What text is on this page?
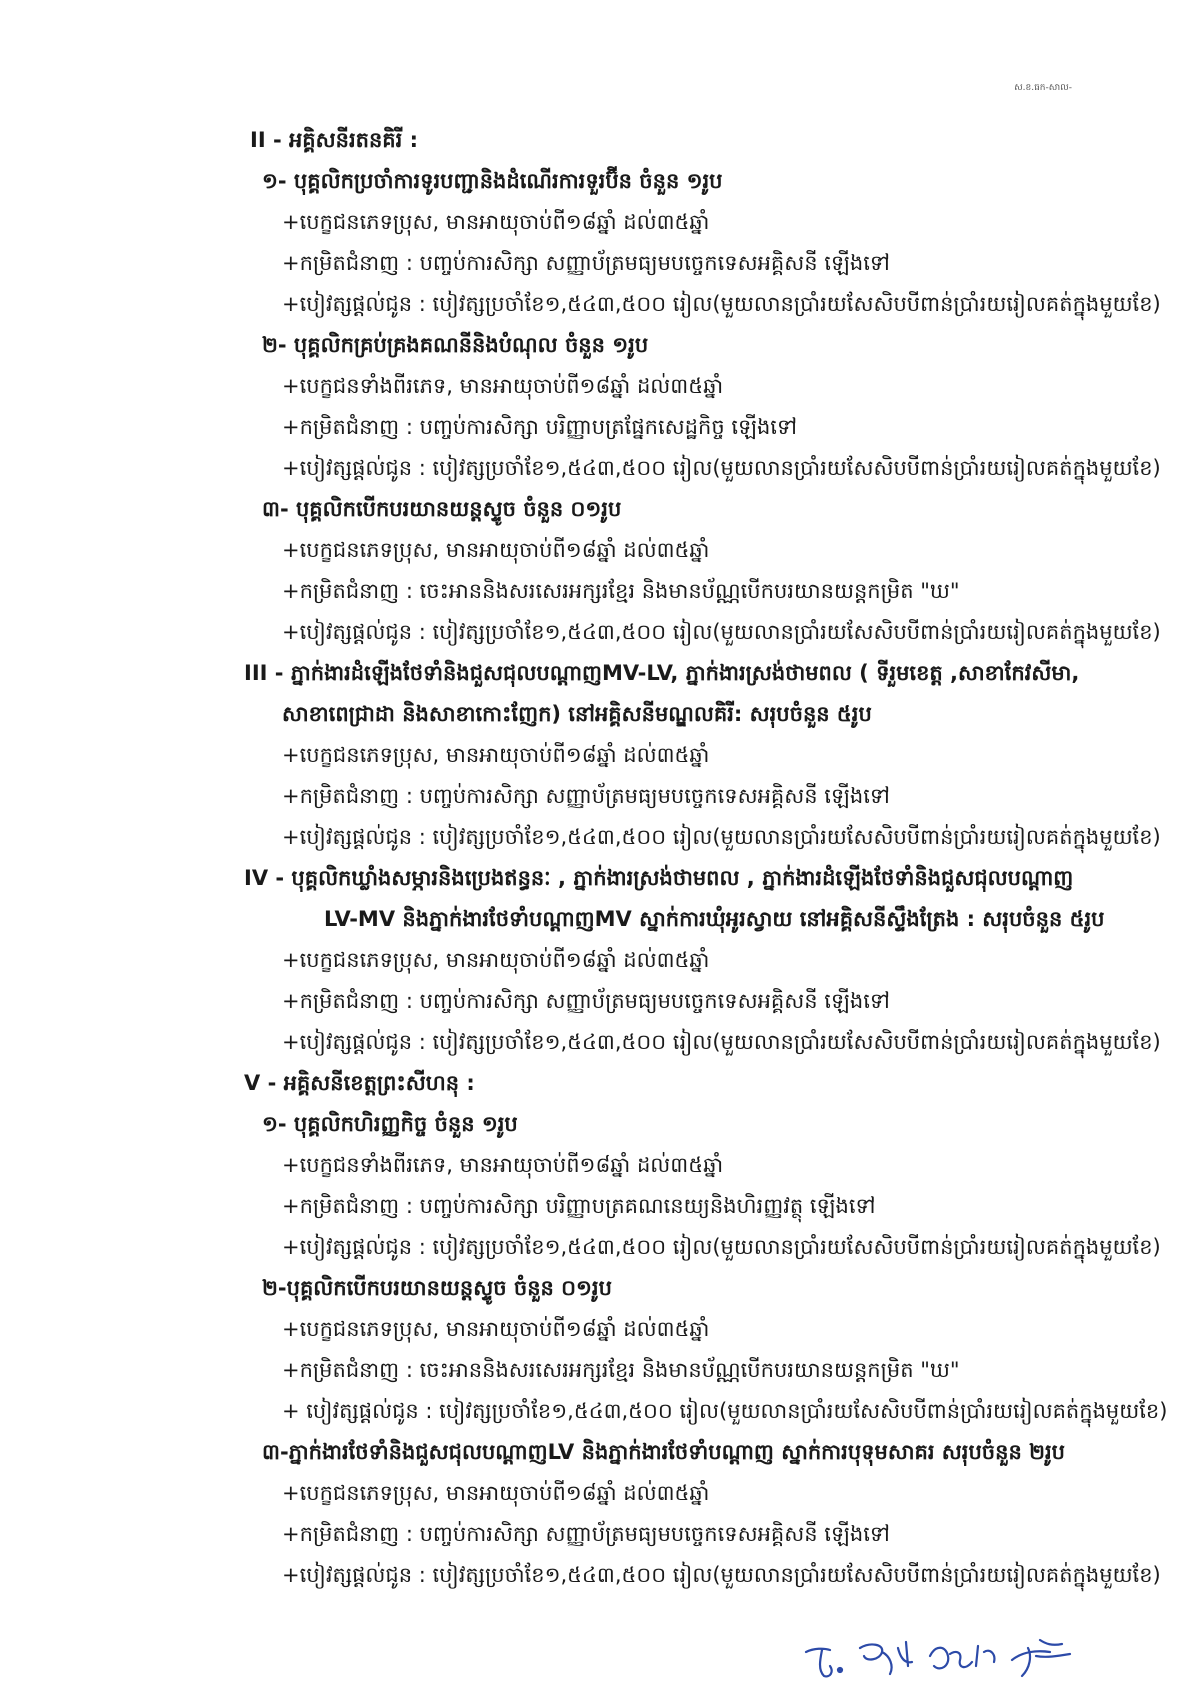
ស.ខ.ធក-សាល-
II - អគ្គិសនីរតនគិរី :
១- បុគ្គលិកប្រចាំការទូរបញ្ជានិងដំណើរការទួរប៊ីន ចំនួន ១រូប
+បេក្ខជនភេទប្រុស, មានអាយុចាប់ពី១៨ឆ្នាំ ដល់៣៥ឆ្នាំ
+កម្រិតជំនាញ : បញ្ចប់ការសិក្សា សញ្ញាប័ត្រមធ្យមបច្ចេកទេសអគ្គិសនី ឡើងទៅ
+បៀវត្សផ្តល់ជូន : បៀវត្សប្រចាំខែ១,៥៤៣,៥០០ រៀល(មួយលានប្រាំរយសែសិបបីពាន់ប្រាំរយរៀលគត់ក្នុងមួយខែ)
២- បុគ្គលិកគ្រប់គ្រងគណនីនិងបំណុល ចំនួន ១រូប
+បេក្ខជនទាំងពីរភេទ, មានអាយុចាប់ពី១៨ឆ្នាំ ដល់៣៥ឆ្នាំ
+កម្រិតជំនាញ : បញ្ចប់ការសិក្សា បរិញ្ញាបត្រផ្នែកសេដ្ឋកិច្ច ឡើងទៅ
+បៀវត្សផ្តល់ជូន : បៀវត្សប្រចាំខែ១,៥៤៣,៥០០ រៀល(មួយលានប្រាំរយសែសិបបីពាន់ប្រាំរយរៀលគត់ក្នុងមួយខែ)
៣- បុគ្គលិកបើកបរយានយន្តស្ទូច ចំនួន ០១រូប
+បេក្ខជនភេទប្រុស, មានអាយុចាប់ពី១៨ឆ្នាំ ដល់៣៥ឆ្នាំ
+កម្រិតជំនាញ : ចេះអាននិងសរសេរអក្សរខ្មែរ និងមានប័ណ្ណបើកបរយានយន្តកម្រិត "ឃ"
+បៀវត្សផ្តល់ជូន : បៀវត្សប្រចាំខែ១,៥៤៣,៥០០ រៀល(មួយលានប្រាំរយសែសិបបីពាន់ប្រាំរយរៀលគត់ក្នុងមួយខែ)
III - ភ្នាក់ងារដំឡើងថែទាំនិងជួសជុលបណ្តាញMV-LV, ភ្នាក់ងារស្រង់ថាមពល ( ទីរួមខេត្ត ,សាខាកែវសីមា,
សាខាពេជ្រាដា និងសាខាកោះញែក) នៅអគ្គិសនីមណ្ឌលគិរី: សរុបចំនួន ៥រូប
+បេក្ខជនភេទប្រុស, មានអាយុចាប់ពី១៨ឆ្នាំ ដល់៣៥ឆ្នាំ
+កម្រិតជំនាញ : បញ្ចប់ការសិក្សា សញ្ញាប័ត្រមធ្យមបច្ចេកទេសអគ្គិសនី ឡើងទៅ
+បៀវត្សផ្តល់ជូន : បៀវត្សប្រចាំខែ១,៥៤៣,៥០០ រៀល(មួយលានប្រាំរយសែសិបបីពាន់ប្រាំរយរៀលគត់ក្នុងមួយខែ)
IV - បុគ្គលិកឃ្លាំងសម្ភារនិងប្រេងឥន្ធនៈ , ភ្នាក់ងារស្រង់ថាមពល , ភ្នាក់ងារដំឡើងថែទាំនិងជួសជុលបណ្តាញ
LV-MV និងភ្នាក់ងារថែទាំបណ្តាញMV ស្នាក់ការឃុំអូរស្វាយ នៅអគ្គិសនីស្ទឹងត្រែង : សរុបចំនួន ៥រូប
+បេក្ខជនភេទប្រុស, មានអាយុចាប់ពី១៨ឆ្នាំ ដល់៣៥ឆ្នាំ
+កម្រិតជំនាញ : បញ្ចប់ការសិក្សា សញ្ញាប័ត្រមធ្យមបច្ចេកទេសអគ្គិសនី ឡើងទៅ
+បៀវត្សផ្តល់ជូន : បៀវត្សប្រចាំខែ១,៥៤៣,៥០០ រៀល(មួយលានប្រាំរយសែសិបបីពាន់ប្រាំរយរៀលគត់ក្នុងមួយខែ)
V - អគ្គិសនីខេត្តព្រះសីហនុ :
១- បុគ្គលិកហិរញ្ញកិច្ច ចំនួន ១រូប
+បេក្ខជនទាំងពីរភេទ, មានអាយុចាប់ពី១៨ឆ្នាំ ដល់៣៥ឆ្នាំ
+កម្រិតជំនាញ : បញ្ចប់ការសិក្សា បរិញ្ញាបត្រគណនេយ្យនិងហិរញ្ញវត្ថុ ឡើងទៅ
+បៀវត្សផ្តល់ជូន : បៀវត្សប្រចាំខែ១,៥៤៣,៥០០ រៀល(មួយលានប្រាំរយសែសិបបីពាន់ប្រាំរយរៀលគត់ក្នុងមួយខែ)
២-បុគ្គលិកបើកបរយានយន្តស្ទូច ចំនួន ០១រូប
+បេក្ខជនភេទប្រុស, មានអាយុចាប់ពី១៨ឆ្នាំ ដល់៣៥ឆ្នាំ
+កម្រិតជំនាញ : ចេះអាននិងសរសេរអក្សរខ្មែរ និងមានប័ណ្ណបើកបរយានយន្តកម្រិត "ឃ"
+ បៀវត្សផ្តល់ជូន : បៀវត្សប្រចាំខែ១,៥៤៣,៥០០ រៀល(មួយលានប្រាំរយសែសិបបីពាន់ប្រាំរយរៀលគត់ក្នុងមួយខែ)
៣-ភ្នាក់ងារថែទាំនិងជួសជុលបណ្តាញLV និងភ្នាក់ងារថែទាំបណ្តាញ ស្នាក់ការបុទុមសាគរ សរុបចំនួន ២រូប
+បេក្ខជនភេទប្រុស, មានអាយុចាប់ពី១៨ឆ្នាំ ដល់៣៥ឆ្នាំ
+កម្រិតជំនាញ : បញ្ចប់ការសិក្សា សញ្ញាប័ត្រមធ្យមបច្ចេកទេសអគ្គិសនី ឡើងទៅ
+បៀវត្សផ្តល់ជូន : បៀវត្សប្រចាំខែ១,៥៤៣,៥០០ រៀល(មួយលានប្រាំរយសែសិបបីពាន់ប្រាំរយរៀលគត់ក្នុងមួយខែ)
